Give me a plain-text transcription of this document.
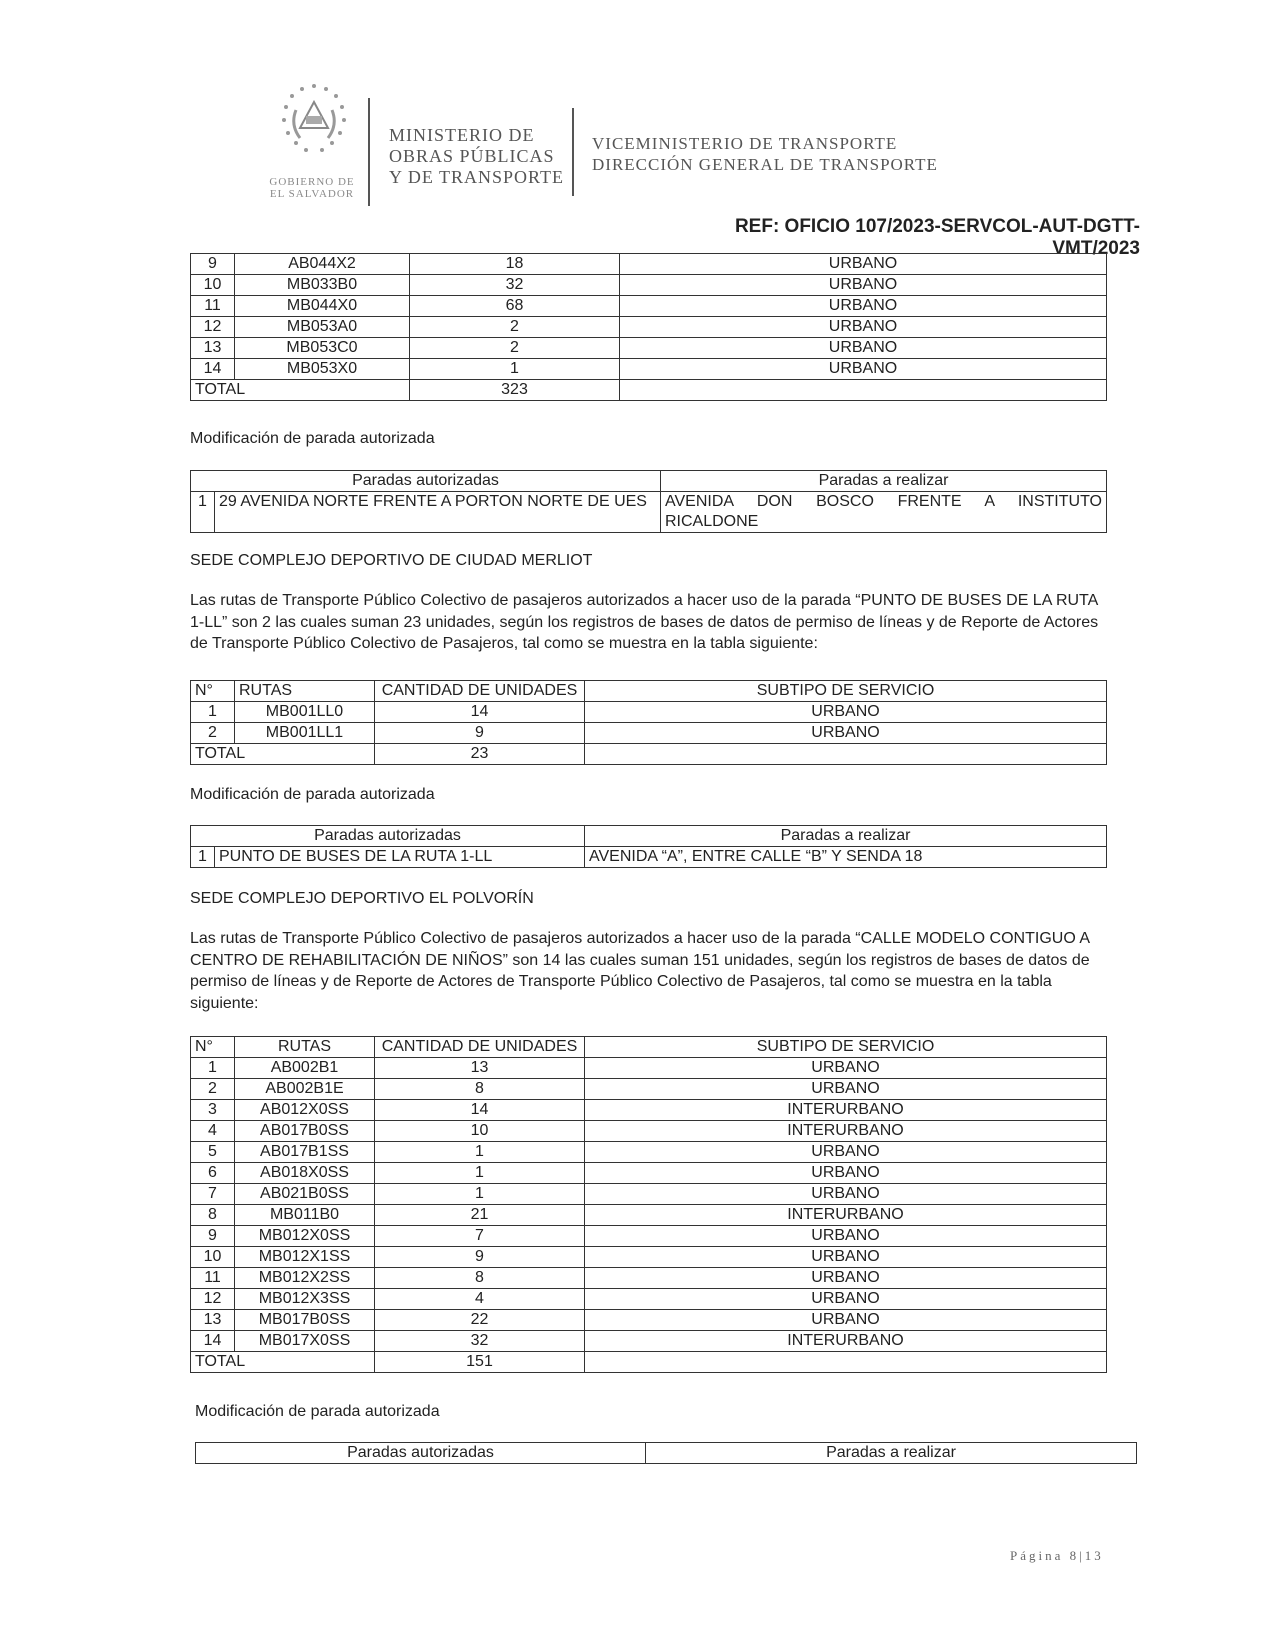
GOBIERNO DE
EL SALVADOR
MINISTERIO DE
OBRAS PÚBLICAS
Y DE TRANSPORTE
VICEMINISTERIO DE TRANSPORTE
DIRECCIÓN GENERAL DE TRANSPORTE
REF: OFICIO 107/2023-SERVCOL-AUT-DGTT-VMT/2023
9	AB044X2	18	URBANO
10	MB033B0	32	URBANO
11	MB044X0	68	URBANO
12	MB053A0	2	URBANO
13	MB053C0	2	URBANO
14	MB053X0	1	URBANO
TOTAL		323	
Modificación de parada autorizada
Paradas autorizadas		Paradas a realizar
1	29 AVENIDA NORTE FRENTE A PORTON NORTE DE UES	AVENIDA DON BOSCO FRENTE A INSTITUTO RICALDONE
SEDE COMPLEJO DEPORTIVO DE CIUDAD MERLIOT
Las rutas de Transporte Público Colectivo de pasajeros autorizados a hacer uso de la parada “PUNTO DE BUSES DE LA RUTA 1-LL” son 2 las cuales suman 23 unidades, según los registros de bases de datos de permiso de líneas y de Reporte de Actores de Transporte Público Colectivo de Pasajeros, tal como se muestra en la tabla siguiente:
N°	RUTAS	CANTIDAD DE UNIDADES	SUBTIPO DE SERVICIO
1	MB001LL0	14	URBANO
2	MB001LL1	9	URBANO
TOTAL		23	
Modificación de parada autorizada
Paradas autorizadas		Paradas a realizar
1	PUNTO DE BUSES DE LA RUTA 1-LL	AVENIDA “A”, ENTRE CALLE “B” Y SENDA 18
SEDE COMPLEJO DEPORTIVO EL POLVORÍN
Las rutas de Transporte Público Colectivo de pasajeros autorizados a hacer uso de la parada “CALLE MODELO CONTIGUO A CENTRO DE REHABILITACIÓN DE NIÑOS” son 14 las cuales suman 151 unidades, según los registros de bases de datos de permiso de líneas y de Reporte de Actores de Transporte Público Colectivo de Pasajeros, tal como se muestra en la tabla siguiente:
N°	RUTAS	CANTIDAD DE UNIDADES	SUBTIPO DE SERVICIO
1	AB002B1	13	URBANO
2	AB002B1E	8	URBANO
3	AB012X0SS	14	INTERURBANO
4	AB017B0SS	10	INTERURBANO
5	AB017B1SS	1	URBANO
6	AB018X0SS	1	URBANO
7	AB021B0SS	1	URBANO
8	MB011B0	21	INTERURBANO
9	MB012X0SS	7	URBANO
10	MB012X1SS	9	URBANO
11	MB012X2SS	8	URBANO
12	MB012X3SS	4	URBANO
13	MB017B0SS	22	URBANO
14	MB017X0SS	32	INTERURBANO
TOTAL		151	
Modificación de parada autorizada
Paradas autorizadas	Paradas a realizar
Página 8|13
